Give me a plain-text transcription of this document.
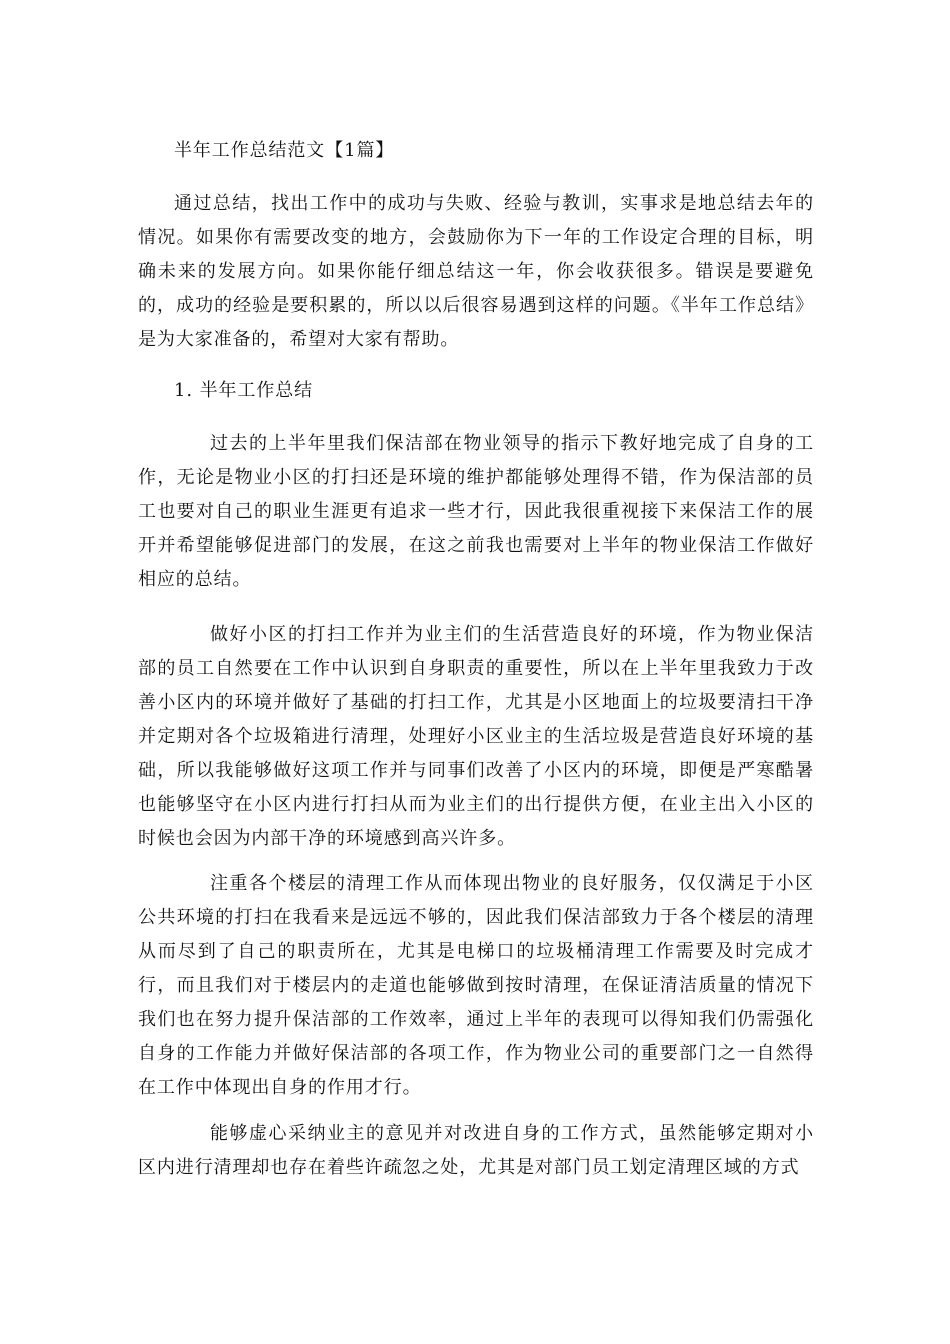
半年工作总结范文【1篇】

通过总结，找出工作中的成功与失败、经验与教训，实事求是地总结去年的情况。如果你有需要改变的地方，会鼓励你为下一年的工作设定合理的目标，明确未来的发展方向。如果你能仔细总结这一年，你会收获很多。错误是要避免的，成功的经验是要积累的，所以以后很容易遇到这样的问题。《半年工作总结》是为大家准备的，希望对大家有帮助。

1. 半年工作总结

过去的上半年里我们保洁部在物业领导的指示下教好地完成了自身的工作，无论是物业小区的打扫还是环境的维护都能够处理得不错，作为保洁部的员工也要对自己的职业生涯更有追求一些才行，因此我很重视接下来保洁工作的展开并希望能够促进部门的发展，在这之前我也需要对上半年的物业保洁工作做好相应的总结。

做好小区的打扫工作并为业主们的生活营造良好的环境，作为物业保洁部的员工自然要在工作中认识到自身职责的重要性，所以在上半年里我致力于改善小区内的环境并做好了基础的打扫工作，尤其是小区地面上的垃圾要清扫干净并定期对各个垃圾箱进行清理，处理好小区业主的生活垃圾是营造良好环境的基础，所以我能够做好这项工作并与同事们改善了小区内的环境，即便是严寒酷暑也能够坚守在小区内进行打扫从而为业主们的出行提供方便，在业主出入小区的时候也会因为内部干净的环境感到高兴许多。

注重各个楼层的清理工作从而体现出物业的良好服务，仅仅满足于小区公共环境的打扫在我看来是远远不够的，因此我们保洁部致力于各个楼层的清理从而尽到了自己的职责所在，尤其是电梯口的垃圾桶清理工作需要及时完成才行，而且我们对于楼层内的走道也能够做到按时清理，在保证清洁质量的情况下我们也在努力提升保洁部的工作效率，通过上半年的表现可以得知我们仍需强化自身的工作能力并做好保洁部的各项工作，作为物业公司的重要部门之一自然得在工作中体现出自身的作用才行。

能够虚心采纳业主的意见并对改进自身的工作方式，虽然能够定期对小区内进行清理却也存在着些许疏忽之处，尤其是对部门员工划定清理区域的方式
